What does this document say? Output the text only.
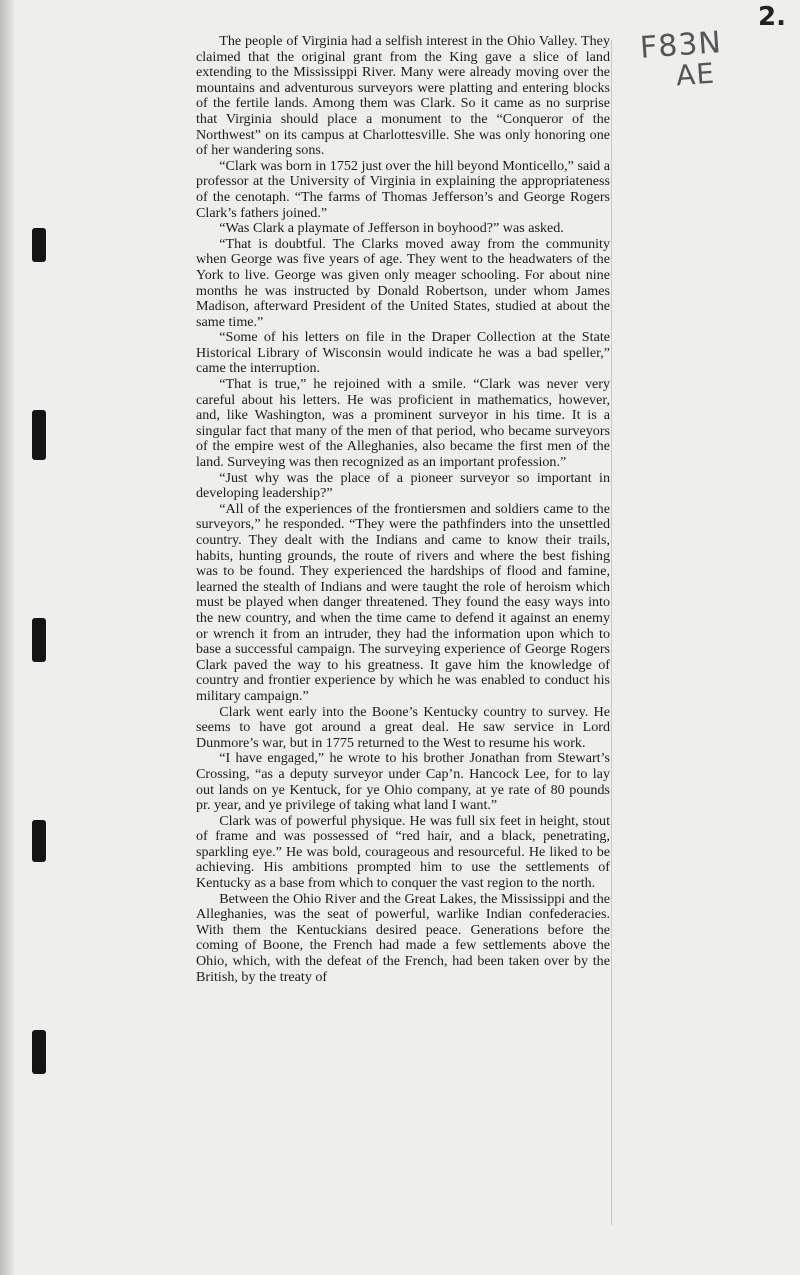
F83N
AE
2.

The people of Virginia had a selfish interest in the Ohio Valley. They claimed that the original grant from the King gave a slice of land extending to the Mississippi River. Many were already moving over the mountains and adventurous surveyors were platting and entering blocks of the fertile lands. Among them was Clark. So it came as no surprise that Virginia should place a monument to the “Conqueror of the Northwest” on its campus at Charlottesville. She was only honoring one of her wandering sons.

“Clark was born in 1752 just over the hill beyond Monticello,” said a professor at the University of Virginia in explaining the appropriateness of the cenotaph. “The farms of Thomas Jefferson’s and George Rogers Clark’s fathers joined.”

“Was Clark a playmate of Jefferson in boyhood?” was asked.

“That is doubtful. The Clarks moved away from the community when George was five years of age. They went to the headwaters of the York to live. George was given only meager schooling. For about nine months he was instructed by Donald Robertson, under whom James Madison, afterward President of the United States, studied at about the same time.”

“Some of his letters on file in the Draper Collection at the State Historical Library of Wisconsin would indicate he was a bad speller,” came the interruption.

“That is true,” he rejoined with a smile. “Clark was never very careful about his letters. He was proficient in mathematics, however, and, like Washington, was a prominent surveyor in his time. It is a singular fact that many of the men of that period, who became surveyors of the empire west of the Alleghanies, also became the first men of the land. Surveying was then recognized as an important profession.”

“Just why was the place of a pioneer surveyor so important in developing leadership?”

“All of the experiences of the frontiersmen and soldiers came to the surveyors,” he responded. “They were the pathfinders into the unsettled country. They dealt with the Indians and came to know their trails, habits, hunting grounds, the route of rivers and where the best fishing was to be found. They experienced the hardships of flood and famine, learned the stealth of Indians and were taught the role of heroism which must be played when danger threatened. They found the easy ways into the new country, and when the time came to defend it against an enemy or wrench it from an intruder, they had the information upon which to base a successful campaign. The surveying experience of George Rogers Clark paved the way to his greatness. It gave him the knowledge of country and frontier experience by which he was enabled to conduct his military campaign.”

Clark went early into the Boone’s Kentucky country to survey. He seems to have got around a great deal. He saw service in Lord Dunmore’s war, but in 1775 returned to the West to resume his work.

“I have engaged,” he wrote to his brother Jonathan from Stewart’s Crossing, “as a deputy surveyor under Cap’n. Hancock Lee, for to lay out lands on ye Kentuck, for ye Ohio company, at ye rate of 80 pounds pr. year, and ye privilege of taking what land I want.”

Clark was of powerful physique. He was full six feet in height, stout of frame and was possessed of “red hair, and a black, penetrating, sparkling eye.” He was bold, courageous and resourceful. He liked to be achieving. His ambitions prompted him to use the settlements of Kentucky as a base from which to conquer the vast region to the north.

Between the Ohio River and the Great Lakes, the Mississippi and the Alleghanies, was the seat of powerful, warlike Indian confederacies. With them the Kentuckians desired peace. Generations before the coming of Boone, the French had made a few settlements above the Ohio, which, with the defeat of the French, had been taken over by the British, by the treaty of
